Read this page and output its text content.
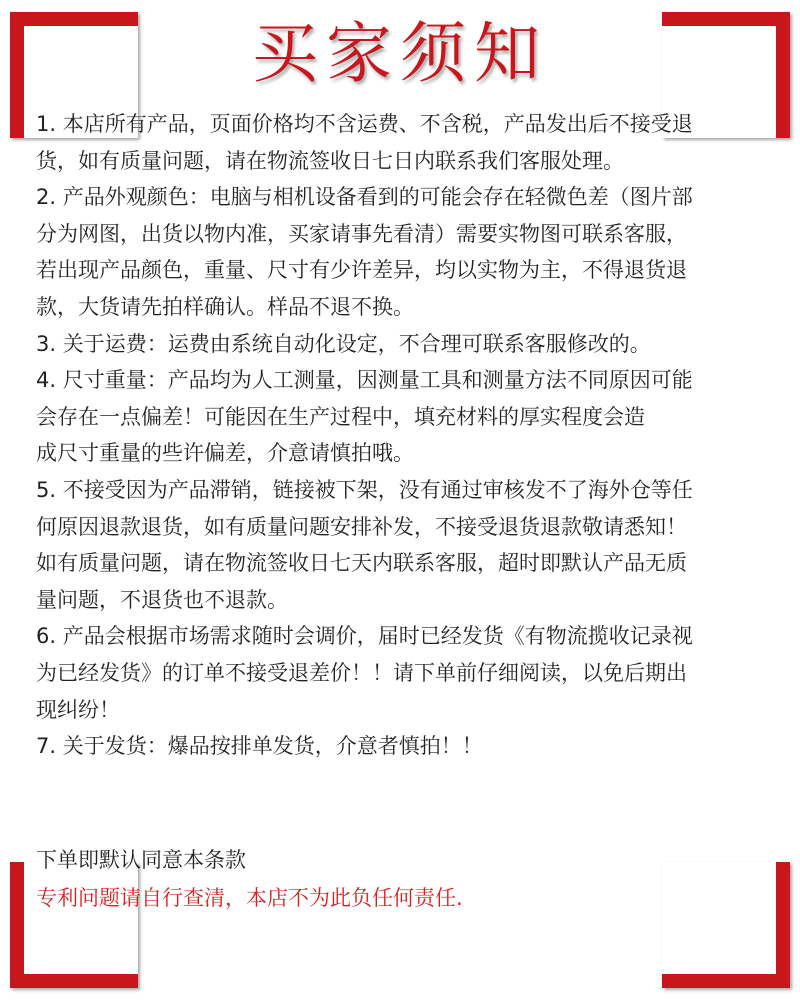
买家须知
1. 本店所有产品，页面价格均不含运费、不含税，产品发出后不接受退
货，如有质量问题，请在物流签收日七日内联系我们客服处理。
2. 产品外观颜色：电脑与相机设备看到的可能会存在轻微色差（图片部
分为网图，出货以物内准，买家请事先看清）需要实物图可联系客服，
若出现产品颜色，重量、尺寸有少许差异，均以实物为主，不得退货退
款，大货请先拍样确认。样品不退不换。
3. 关于运费：运费由系统自动化设定，不合理可联系客服修改的。
4. 尺寸重量：产品均为人工测量，因测量工具和测量方法不同原因可能
会存在一点偏差！可能因在生产过程中，填充材料的厚实程度会造
成尺寸重量的些许偏差，介意请慎拍哦。
5. 不接受因为产品滞销，链接被下架，没有通过审核发不了海外仓等任
何原因退款退货，如有质量问题安排补发，不接受退货退款敬请悉知！
如有质量问题，请在物流签收日七天内联系客服，超时即默认产品无质
量问题，不退货也不退款。
6. 产品会根据市场需求随时会调价，届时已经发货《有物流揽收记录视
为已经发货》的订单不接受退差价！！请下单前仔细阅读，以免后期出
现纠纷！
7. 关于发货：爆品按排单发货，介意者慎拍！！
下单即默认同意本条款
专利问题请自行查清，本店不为此负任何责任.
